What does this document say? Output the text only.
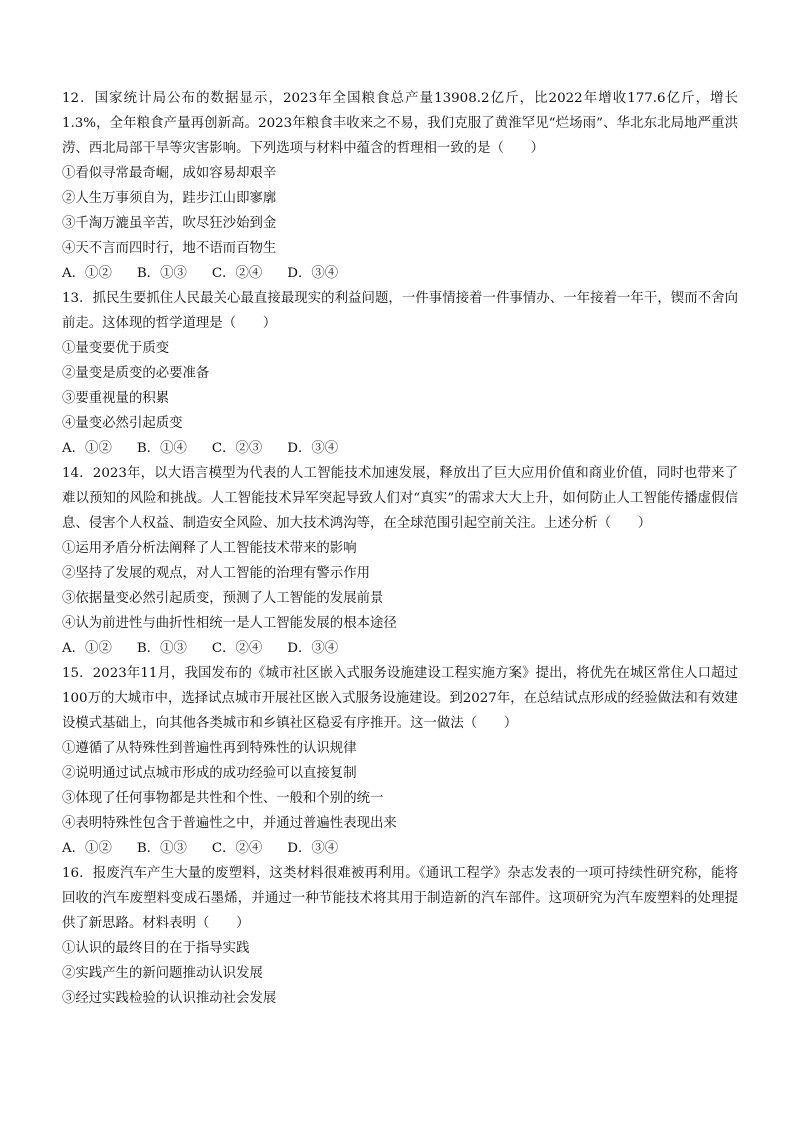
12．国家统计局公布的数据显示，2023年全国粮食总产量13908.2亿斤，比2022年增收177.6亿斤，增长1.3%，全年粮食产量再创新高。2023年粮食丰收来之不易，我们克服了黄淮罕见“烂场雨”、华北东北局地严重洪涝、西北局部干旱等灾害影响。下列选项与材料中蕴含的哲理相一致的是（　　）

①看似寻常最奇崛，成如容易却艰辛

②人生万事须自为，跬步江山即寥廓

③千淘万漉虽辛苦，吹尽狂沙始到金

④天不言而四时行，地不语而百物生

A．①② B．①③ C．②④ D．③④

13．抓民生要抓住人民最关心最直接最现实的利益问题，一件事情接着一件事情办、一年接着一年干，锲而不舍向前走。这体现的哲学道理是（　　）

①量变要优于质变

②量变是质变的必要准备

③要重视量的积累

④量变必然引起质变

A．①② B．①④ C．②③ D．③④

14．2023年，以大语言模型为代表的人工智能技术加速发展，释放出了巨大应用价值和商业价值，同时也带来了难以预知的风险和挑战。人工智能技术异军突起导致人们对“真实”的需求大大上升，如何防止人工智能传播虚假信息、侵害个人权益、制造安全风险、加大技术鸿沟等，在全球范围引起空前关注。上述分析（　　）

①运用矛盾分析法阐释了人工智能技术带来的影响

②坚持了发展的观点，对人工智能的治理有警示作用

③依据量变必然引起质变，预测了人工智能的发展前景

④认为前进性与曲折性相统一是人工智能发展的根本途径

A．①② B．①③ C．②④ D．③④

15．2023年11月，我国发布的《城市社区嵌入式服务设施建设工程实施方案》提出，将优先在城区常住人口超过100万的大城市中，选择试点城市开展社区嵌入式服务设施建设。到2027年，在总结试点形成的经验做法和有效建设模式基础上，向其他各类城市和乡镇社区稳妥有序推开。这一做法（　　）

①遵循了从特殊性到普遍性再到特殊性的认识规律

②说明通过试点城市形成的成功经验可以直接复制

③体现了任何事物都是共性和个性、一般和个别的统一

④表明特殊性包含于普遍性之中，并通过普遍性表现出来

A．①② B．①③ C．②④ D．③④

16．报废汽车产生大量的废塑料，这类材料很难被再利用。《通讯工程学》杂志发表的一项可持续性研究称，能将回收的汽车废塑料变成石墨烯，并通过一种节能技术将其用于制造新的汽车部件。这项研究为汽车废塑料的处理提供了新思路。材料表明（　　）

①认识的最终目的在于指导实践

②实践产生的新问题推动认识发展

③经过实践检验的认识推动社会发展
